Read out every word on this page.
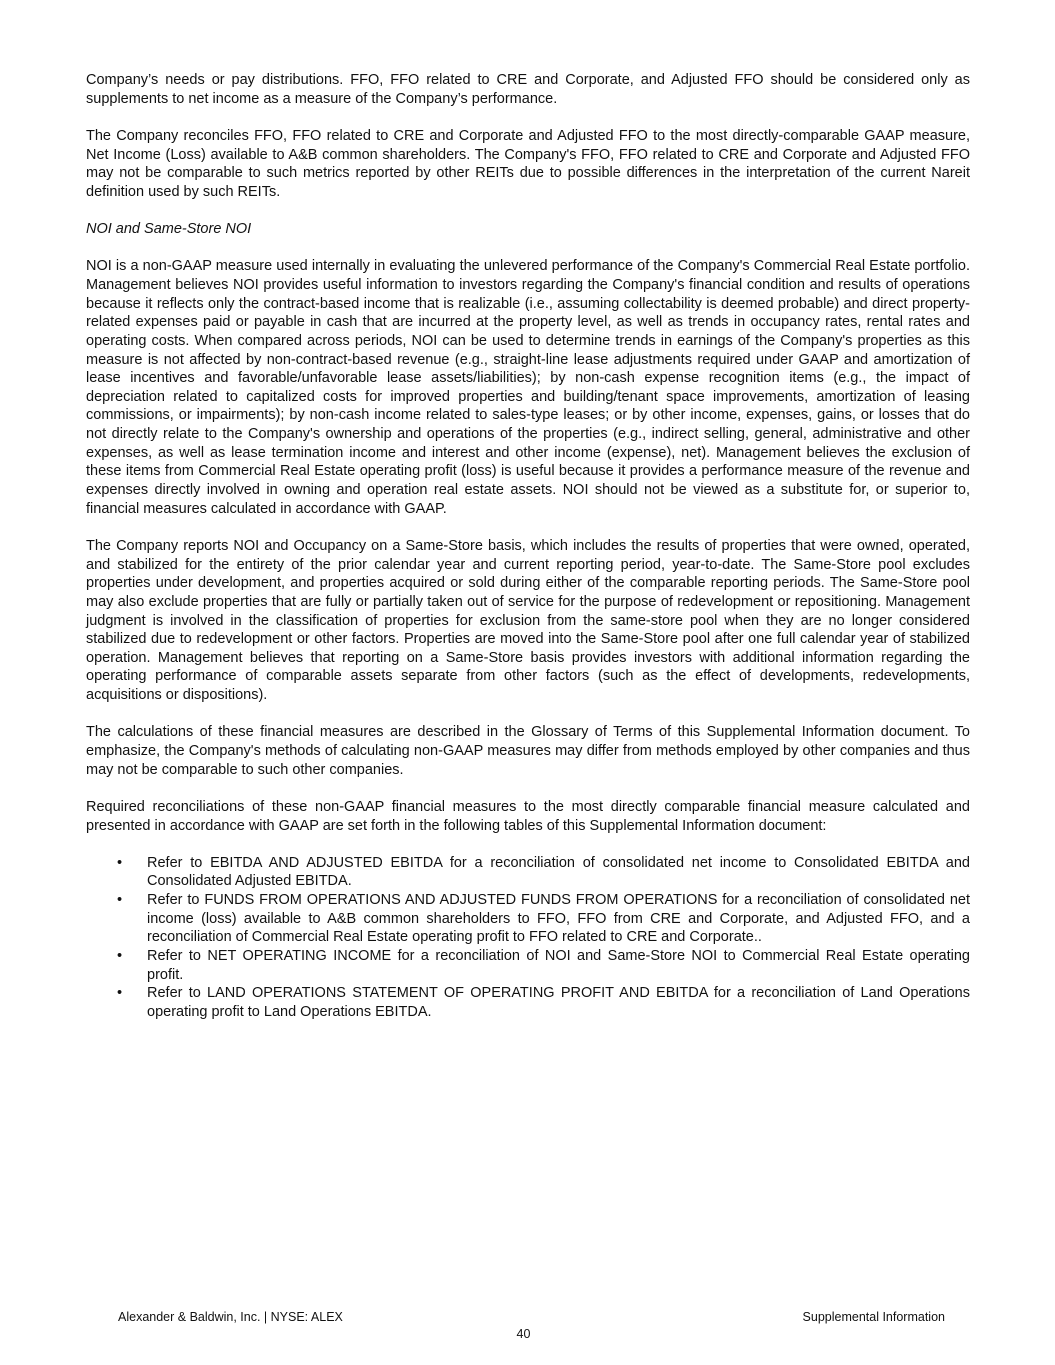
Company’s needs or pay distributions. FFO, FFO related to CRE and Corporate, and Adjusted FFO should be considered only as supplements to net income as a measure of the Company’s performance.

The Company reconciles FFO, FFO related to CRE and Corporate and Adjusted FFO to the most directly-comparable GAAP measure, Net Income (Loss) available to A&B common shareholders. The Company's FFO, FFO related to CRE and Corporate and Adjusted FFO may not be comparable to such metrics reported by other REITs due to possible differences in the interpretation of the current Nareit definition used by such REITs.

NOI and Same-Store NOI

NOI is a non-GAAP measure used internally in evaluating the unlevered performance of the Company's Commercial Real Estate portfolio. Management believes NOI provides useful information to investors regarding the Company's financial condition and results of operations because it reflects only the contract-based income that is realizable (i.e., assuming collectability is deemed probable) and direct property-related expenses paid or payable in cash that are incurred at the property level, as well as trends in occupancy rates, rental rates and operating costs. When compared across periods, NOI can be used to determine trends in earnings of the Company's properties as this measure is not affected by non-contract-based revenue (e.g., straight-line lease adjustments required under GAAP and amortization of lease incentives and favorable/unfavorable lease assets/liabilities); by non-cash expense recognition items (e.g., the impact of depreciation related to capitalized costs for improved properties and building/tenant space improvements, amortization of leasing commissions, or impairments); by non-cash income related to sales-type leases; or by other income, expenses, gains, or losses that do not directly relate to the Company's ownership and operations of the properties (e.g., indirect selling, general, administrative and other expenses, as well as lease termination income and interest and other income (expense), net). Management believes the exclusion of these items from Commercial Real Estate operating profit (loss) is useful because it provides a performance measure of the revenue and expenses directly involved in owning and operation real estate assets. NOI should not be viewed as a substitute for, or superior to, financial measures calculated in accordance with GAAP.

The Company reports NOI and Occupancy on a Same-Store basis, which includes the results of properties that were owned, operated, and stabilized for the entirety of the prior calendar year and current reporting period, year-to-date. The Same-Store pool excludes properties under development, and properties acquired or sold during either of the comparable reporting periods. The Same-Store pool may also exclude properties that are fully or partially taken out of service for the purpose of redevelopment or repositioning. Management judgment is involved in the classification of properties for exclusion from the same-store pool when they are no longer considered stabilized due to redevelopment or other factors. Properties are moved into the Same-Store pool after one full calendar year of stabilized operation. Management believes that reporting on a Same-Store basis provides investors with additional information regarding the operating performance of comparable assets separate from other factors (such as the effect of developments, redevelopments, acquisitions or dispositions).

The calculations of these financial measures are described in the Glossary of Terms of this Supplemental Information document. To emphasize, the Company's methods of calculating non-GAAP measures may differ from methods employed by other companies and thus may not be comparable to such other companies.

Required reconciliations of these non-GAAP financial measures to the most directly comparable financial measure calculated and presented in accordance with GAAP are set forth in the following tables of this Supplemental Information document:

• Refer to EBITDA AND ADJUSTED EBITDA for a reconciliation of consolidated net income to Consolidated EBITDA and Consolidated Adjusted EBITDA.
• Refer to FUNDS FROM OPERATIONS AND ADJUSTED FUNDS FROM OPERATIONS for a reconciliation of consolidated net income (loss) available to A&B common shareholders to FFO, FFO from CRE and Corporate, and Adjusted FFO, and a reconciliation of Commercial Real Estate operating profit to FFO related to CRE and Corporate..
• Refer to NET OPERATING INCOME for a reconciliation of NOI and Same-Store NOI to Commercial Real Estate operating profit.
• Refer to LAND OPERATIONS STATEMENT OF OPERATING PROFIT AND EBITDA for a reconciliation of Land Operations operating profit to Land Operations EBITDA.
Alexander & Baldwin, Inc. | NYSE: ALEX	Supplemental Information
40
